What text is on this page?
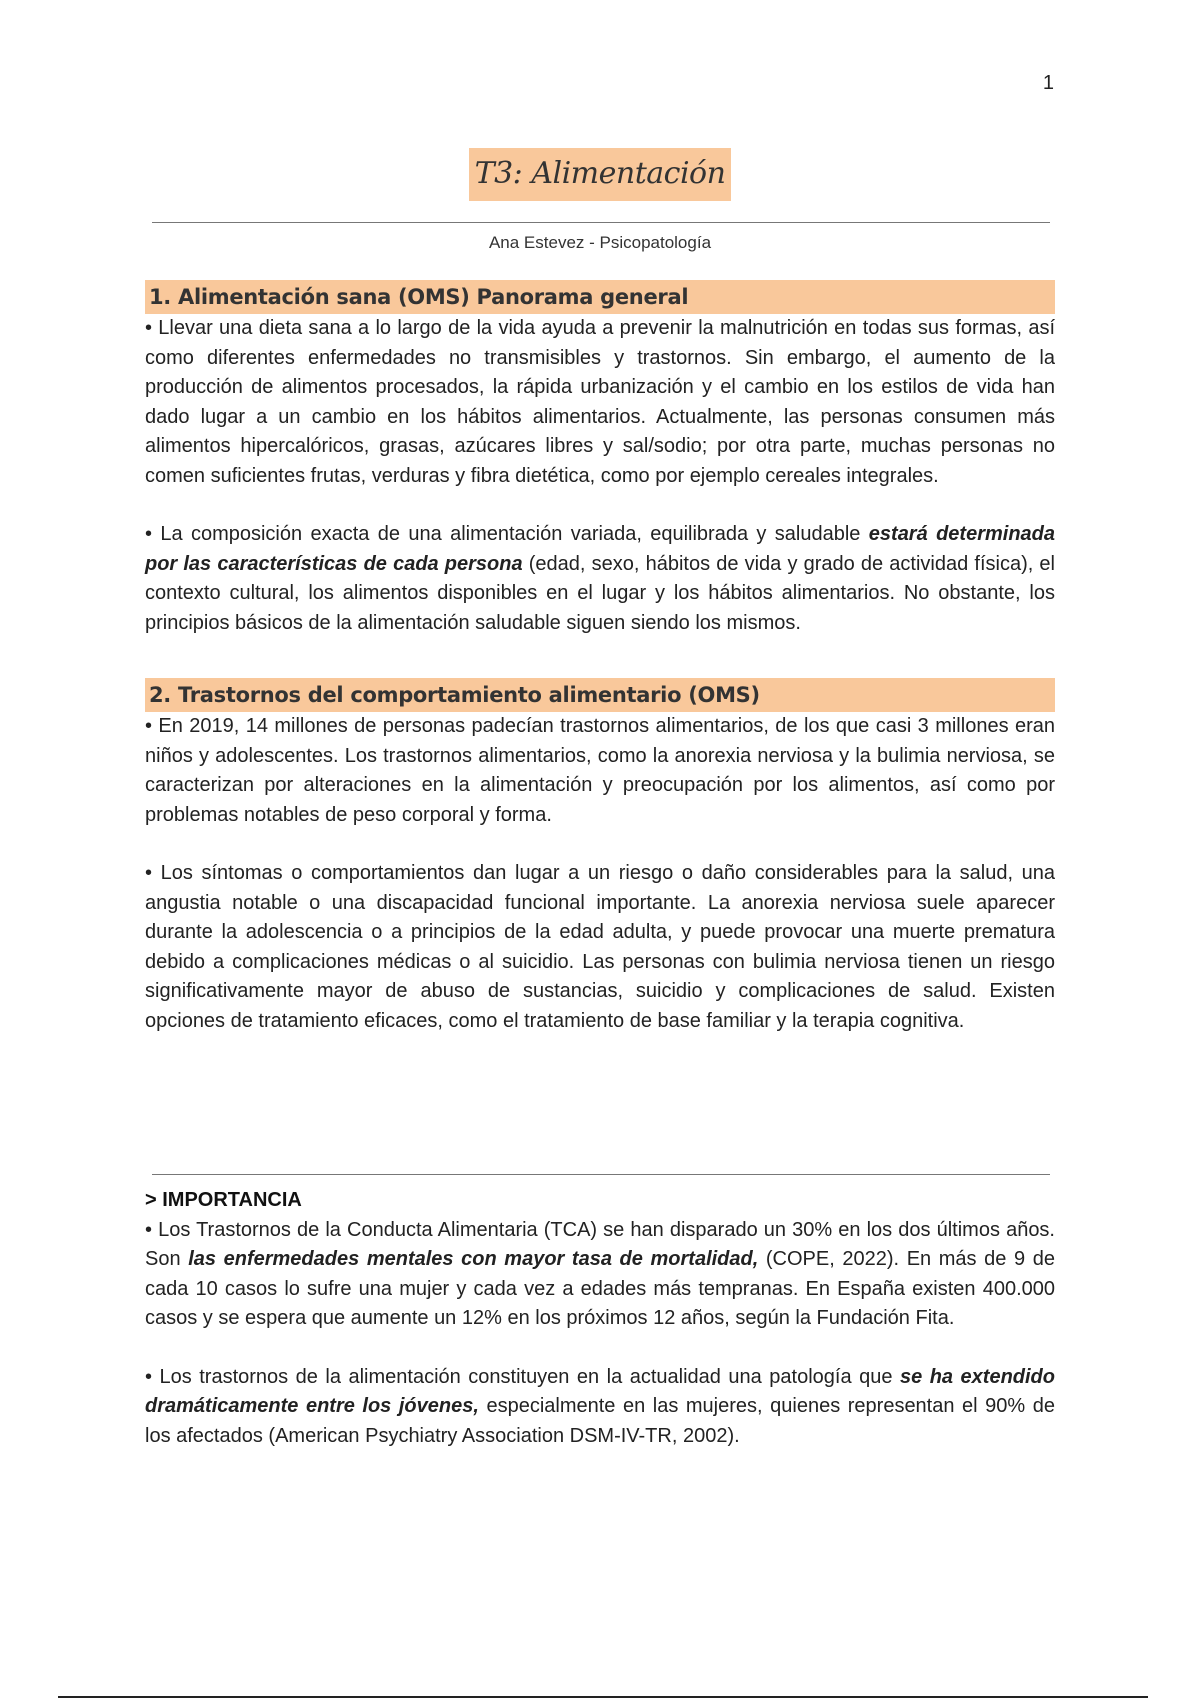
1
T3: Alimentación
Ana Estevez - Psicopatología
1. Alimentación sana (OMS) Panorama general

• Llevar una dieta sana a lo largo de la vida ayuda a prevenir la malnutrición en todas sus formas, así como diferentes enfermedades no transmisibles y trastornos. Sin embargo, el aumento de la producción de alimentos procesados, la rápida urbanización y el cambio en los estilos de vida han dado lugar a un cambio en los hábitos alimentarios. Actualmente, las personas consumen más alimentos hipercalóricos, grasas, azúcares libres y sal/sodio; por otra parte, muchas personas no comen suficientes frutas, verduras y fibra dietética, como por ejemplo cereales integrales.

• La composición exacta de una alimentación variada, equilibrada y saludable estará determinada por las características de cada persona (edad, sexo, hábitos de vida y grado de actividad física), el contexto cultural, los alimentos disponibles en el lugar y los hábitos alimentarios. No obstante, los principios básicos de la alimentación saludable siguen siendo los mismos.

2. Trastornos del comportamiento alimentario (OMS)

• En 2019, 14 millones de personas padecían trastornos alimentarios, de los que casi 3 millones eran niños y adolescentes. Los trastornos alimentarios, como la anorexia nerviosa y la bulimia nerviosa, se caracterizan por alteraciones en la alimentación y preocupación por los alimentos, así como por problemas notables de peso corporal y forma.

• Los síntomas o comportamientos dan lugar a un riesgo o daño considerables para la salud, una angustia notable o una discapacidad funcional importante. La anorexia nerviosa suele aparecer durante la adolescencia o a principios de la edad adulta, y puede provocar una muerte prematura debido a complicaciones médicas o al suicidio. Las personas con bulimia nerviosa tienen un riesgo significativamente mayor de abuso de sustancias, suicidio y complicaciones de salud. Existen opciones de tratamiento eficaces, como el tratamiento de base familiar y la terapia cognitiva.

> IMPORTANCIA

• Los Trastornos de la Conducta Alimentaria (TCA) se han disparado un 30% en los dos últimos años. Son las enfermedades mentales con mayor tasa de mortalidad, (COPE, 2022). En más de 9 de cada 10 casos lo sufre una mujer y cada vez a edades más tempranas. En España existen 400.000 casos y se espera que aumente un 12% en los próximos 12 años, según la Fundación Fita.

• Los trastornos de la alimentación constituyen en la actualidad una patología que se ha extendido dramáticamente entre los jóvenes, especialmente en las mujeres, quienes representan el 90% de los afectados (American Psychiatry Association DSM-IV-TR, 2002).
